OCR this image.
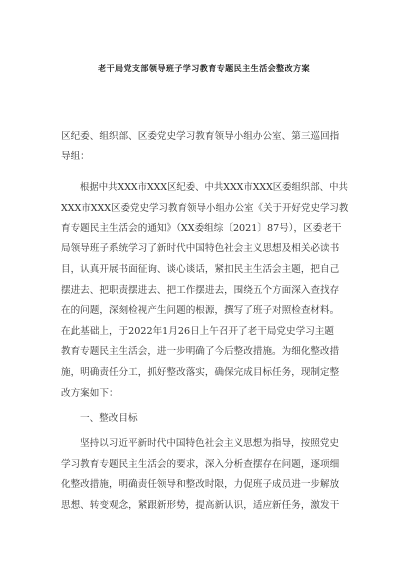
老干局党支部领导班子学习教育专题民主生活会整改方案
区纪委、组织部、区委党史学习教育领导小组办公室、第三巡回指
导组：
根据中共XXX市XXX区纪委、中共XXX市XXX区委组织部、中共
XXX市XXX区委党史学习教育领导小组办公室《关于开好党史学习教
育专题民主生活会的通知》（XX委组综〔2021〕87号），区委老干
局领导班子系统学习了新时代中国特色社会主义思想及相关必读书
目，认真开展书面征询、谈心谈话，紧扣民主生活会主题，把自己
摆进去、把职责摆进去、把工作摆进去，围绕五个方面深入查找存
在的问题，深刻检视产生问题的根源，撰写了班子对照检查材料。
在此基础上，于2022年1月26日上午召开了老干局党史学习主题
教育专题民主生活会，进一步明确了今后整改措施。为细化整改措
施，明确责任分工，抓好整改落实，确保完成目标任务，现制定整
改方案如下：
一、整改目标
坚持以习近平新时代中国特色社会主义思想为指导，按照党史
学习教育专题民主生活会的要求，深入分析查摆存在问题，逐项细
化整改措施，明确责任领导和整改时限，力促班子成员进一步解放
思想、转变观念，紧跟新形势，提高新认识，适应新任务，激发干
